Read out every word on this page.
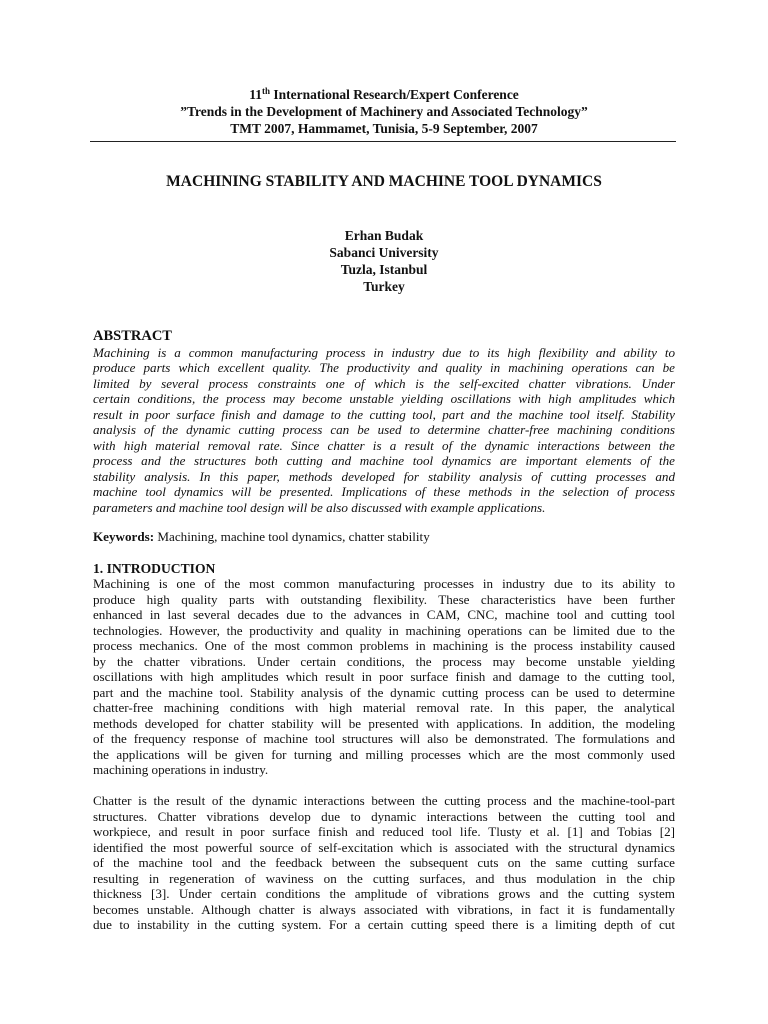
11th International Research/Expert Conference
”Trends in the Development of Machinery and Associated Technology”
TMT 2007, Hammamet, Tunisia, 5-9 September, 2007
MACHINING STABILITY AND MACHINE TOOL DYNAMICS
Erhan Budak
Sabanci University
Tuzla, Istanbul
Turkey
ABSTRACT
Machining is a common manufacturing process in industry due to its high flexibility and ability to
produce parts which excellent quality. The productivity and quality in machining operations can be
limited by several process constraints one of which is the self-excited chatter vibrations. Under
certain conditions, the process may become unstable yielding oscillations with high amplitudes which
result in poor surface finish and damage to the cutting tool, part and the machine tool itself. Stability
analysis of the dynamic cutting process can be used to determine chatter-free machining conditions
with high material removal rate. Since chatter is a result of the dynamic interactions between the
process and the structures both cutting and machine tool dynamics are important elements of the
stability analysis. In this paper, methods developed for stability analysis of cutting processes and
machine tool dynamics will be presented. Implications of these methods in the selection of process
parameters and machine tool design will be also discussed with example applications.
Keywords: Machining, machine tool dynamics, chatter stability
1. INTRODUCTION
Machining is one of the most common manufacturing processes in industry due to its ability to
produce high quality parts with outstanding flexibility. These characteristics have been further
enhanced in last several decades due to the advances in CAM, CNC, machine tool and cutting tool
technologies. However, the productivity and quality in machining operations can be limited due to the
process mechanics. One of the most common problems in machining is the process instability caused
by the chatter vibrations. Under certain conditions, the process may become unstable yielding
oscillations with high amplitudes which result in poor surface finish and damage to the cutting tool,
part and the machine tool. Stability analysis of the dynamic cutting process can be used to determine
chatter-free machining conditions with high material removal rate. In this paper, the analytical
methods developed for chatter stability will be presented with applications. In addition, the modeling
of the frequency response of machine tool structures will also be demonstrated. The formulations and
the applications will be given for turning and milling processes which are the most commonly used
machining operations in industry.
Chatter is the result of the dynamic interactions between the cutting process and the machine-tool-part
structures. Chatter vibrations develop due to dynamic interactions between the cutting tool and
workpiece, and result in poor surface finish and reduced tool life. Tlusty et al. [1] and Tobias [2]
identified the most powerful source of self-excitation which is associated with the structural dynamics
of the machine tool and the feedback between the subsequent cuts on the same cutting surface
resulting in regeneration of waviness on the cutting surfaces, and thus modulation in the chip
thickness [3]. Under certain conditions the amplitude of vibrations grows and the cutting system
becomes unstable. Although chatter is always associated with vibrations, in fact it is fundamentally
due to instability in the cutting system. For a certain cutting speed there is a limiting depth of cut
